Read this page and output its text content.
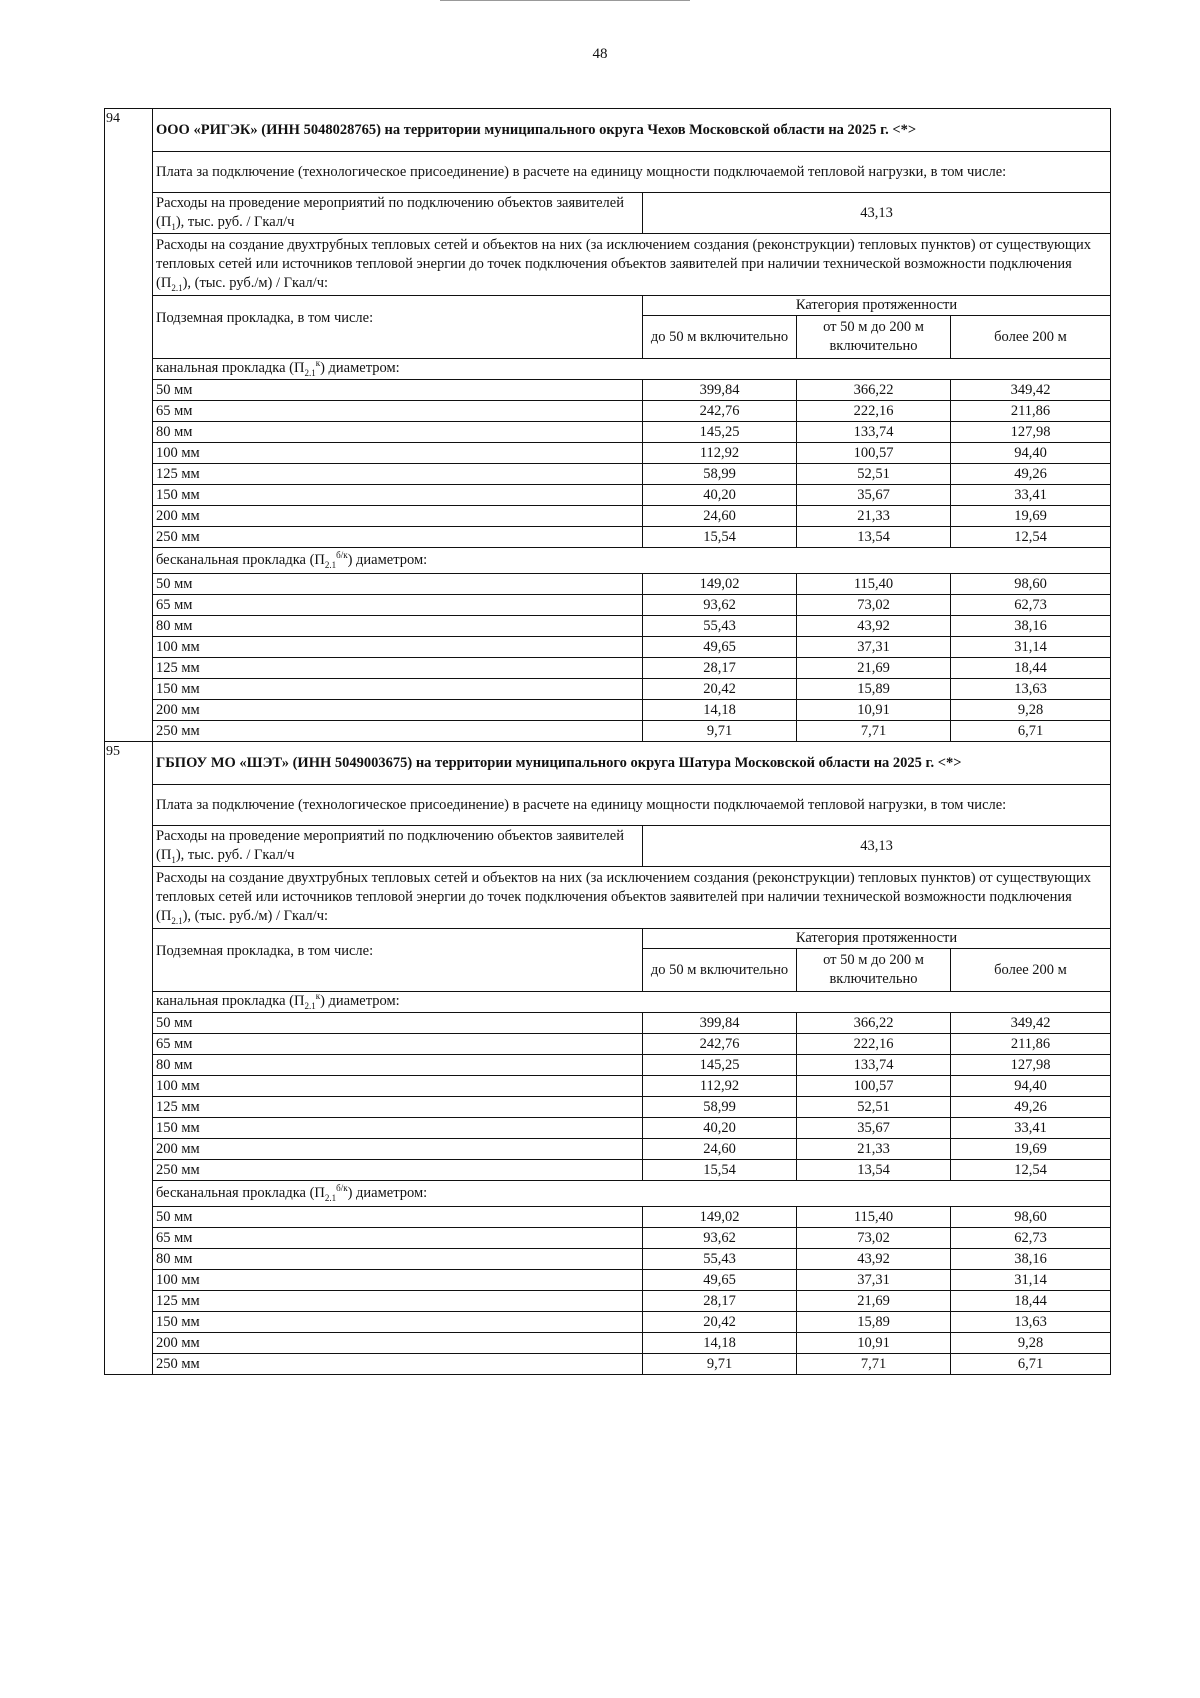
48
94	ООО «РИГЭК» (ИНН 5048028765) на территории муниципального округа Чехов Московской области на 2025 г. <*>			
	Плата за подключение (технологическое присоединение) в расчете на единицу мощности подключаемой тепловой нагрузки, в том числе:			
	Расходы на проведение мероприятий по подключению объектов заявителей $(П_1)$, тыс. руб. / Гкал/ч	43,13		
	Расходы на создание двухтрубных тепловых сетей и объектов на них (за исключением создания (реконструкции) тепловых пунктов) от существующих тепловых сетей или источников тепловой энергии до точек подключения объектов заявителей при наличии технической возможности подключения $(П_{2.1})$, (тыс. руб./м) / Гкал/ч:			
	Подземная прокладка, в том числе:	Категория протяженности		
		до 50 м включительно	от 50 м до 200 м включительно	более 200 м
	канальная прокладка $(П_{2.1}^к)$ диаметром:			
	50 мм	399,84	366,22	349,42
	65 мм	242,76	222,16	211,86
	80 мм	145,25	133,74	127,98
	100 мм	112,92	100,57	94,40
	125 мм	58,99	52,51	49,26
	150 мм	40,20	35,67	33,41
	200 мм	24,60	21,33	19,69
	250 мм	15,54	13,54	12,54
	бесканальная прокладка $(П_{2.1}^{б/к})$ диаметром:			
	50 мм	149,02	115,40	98,60
	65 мм	93,62	73,02	62,73
	80 мм	55,43	43,92	38,16
	100 мм	49,65	37,31	31,14
	125 мм	28,17	21,69	18,44
	150 мм	20,42	15,89	13,63
	200 мм	14,18	10,91	9,28
	250 мм	9,71	7,71	6,71
95	ГБПОУ МО «ШЭТ» (ИНН 5049003675) на территории муниципального округа Шатура Московской области на 2025 г. <*>			
	Плата за подключение (технологическое присоединение) в расчете на единицу мощности подключаемой тепловой нагрузки, в том числе:			
	Расходы на проведение мероприятий по подключению объектов заявителей $(П_1)$, тыс. руб. / Гкал/ч	43,13		
	Расходы на создание двухтрубных тепловых сетей и объектов на них (за исключением создания (реконструкции) тепловых пунктов) от существующих тепловых сетей или источников тепловой энергии до точек подключения объектов заявителей при наличии технической возможности подключения $(П_{2.1})$, (тыс. руб./м) / Гкал/ч:			
	Подземная прокладка, в том числе:	Категория протяженности		
		до 50 м включительно	от 50 м до 200 м включительно	более 200 м
	канальная прокладка $(П_{2.1}^к)$ диаметром:			
	50 мм	399,84	366,22	349,42
	65 мм	242,76	222,16	211,86
	80 мм	145,25	133,74	127,98
	100 мм	112,92	100,57	94,40
	125 мм	58,99	52,51	49,26
	150 мм	40,20	35,67	33,41
	200 мм	24,60	21,33	19,69
	250 мм	15,54	13,54	12,54
	бесканальная прокладка $(П_{2.1}^{б/к})$ диаметром:			
	50 мм	149,02	115,40	98,60
	65 мм	93,62	73,02	62,73
	80 мм	55,43	43,92	38,16
	100 мм	49,65	37,31	31,14
	125 мм	28,17	21,69	18,44
	150 мм	20,42	15,89	13,63
	200 мм	14,18	10,91	9,28
	250 мм	9,71	7,71	6,71
